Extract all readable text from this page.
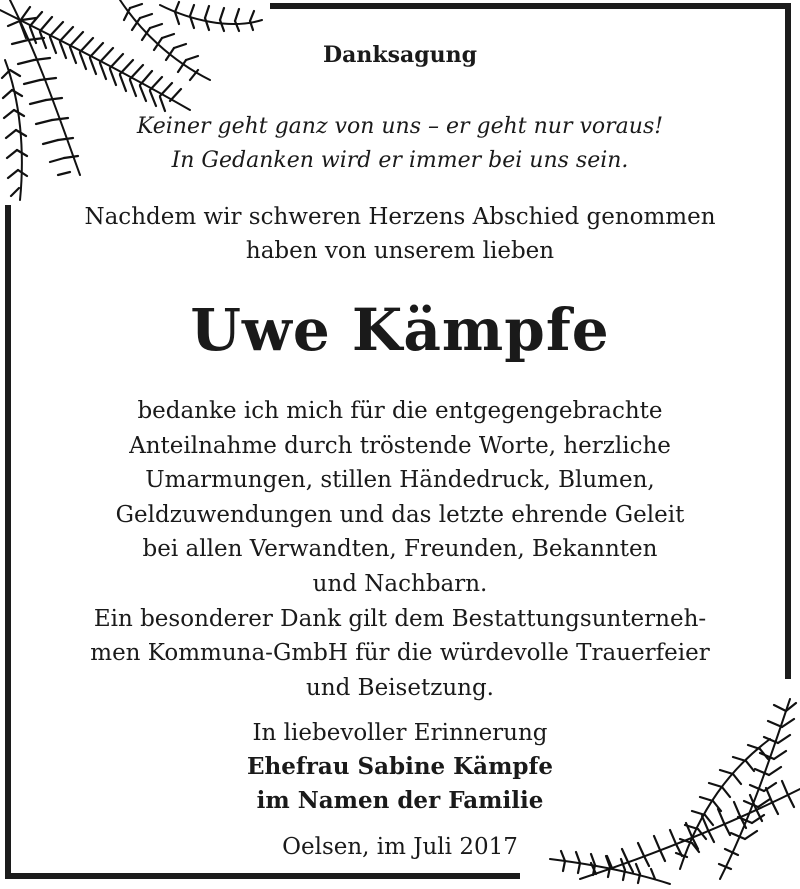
Danksagung
Keiner geht ganz von uns – er geht nur voraus!
In Gedanken wird er immer bei uns sein.
Nachdem wir schweren Herzens Abschied genommen
haben von unserem lieben
Uwe Kämpfe
bedanke ich mich für die entgegengebrachte
Anteilnahme durch tröstende Worte, herzliche
Umarmungen, stillen Händedruck, Blumen,
Geldzuwendungen und das letzte ehrende Geleit
bei allen Verwandten, Freunden, Bekannten
und Nachbarn.
Ein besonderer Dank gilt dem Bestattungsunterneh-
men Kommuna-GmbH für die würdevolle Trauerfeier
und Beisetzung.
In liebevoller Erinnerung
Ehefrau Sabine Kämpfe
im Namen der Familie
Oelsen, im Juli 2017
